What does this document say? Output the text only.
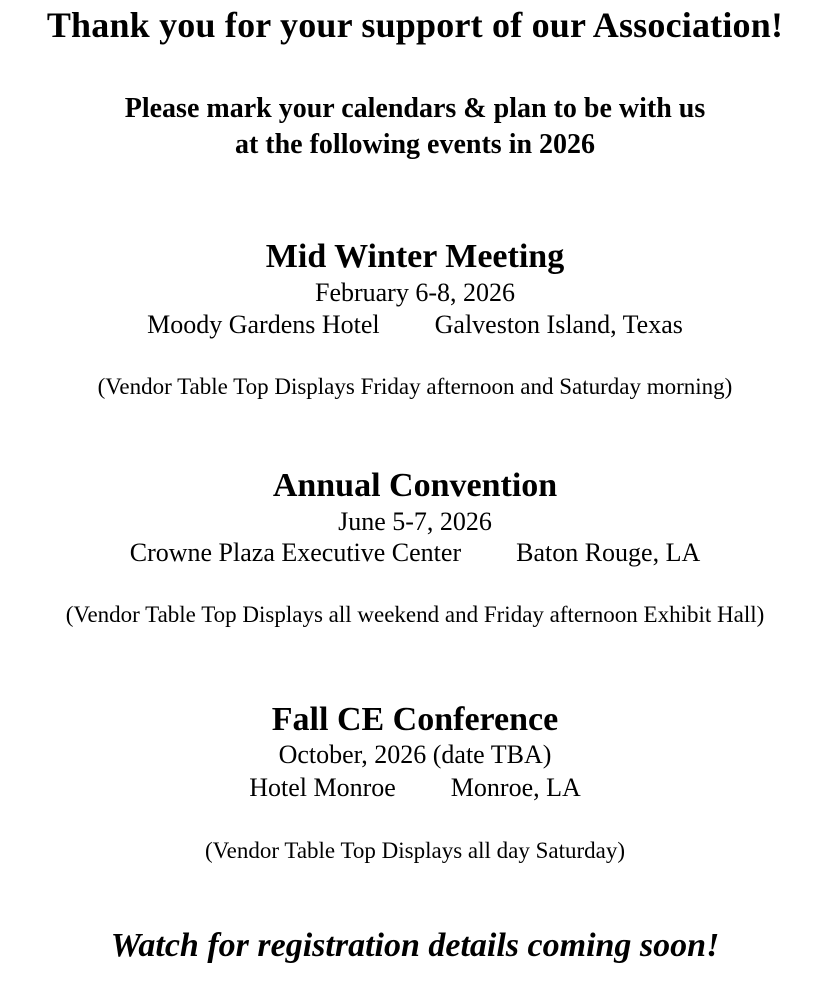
Thank you for your support of our Association!
Please mark your calendars & plan to be with us
at the following events in 2026
Mid Winter Meeting
February 6-8, 2026
Moody Gardens Hotel Galveston Island, Texas
(Vendor Table Top Displays Friday afternoon and Saturday morning)
Annual Convention
June 5-7, 2026
Crowne Plaza Executive Center Baton Rouge, LA
(Vendor Table Top Displays all weekend and Friday afternoon Exhibit Hall)
Fall CE Conference
October, 2026 (date TBA)
Hotel Monroe Monroe, LA
(Vendor Table Top Displays all day Saturday)
Watch for registration details coming soon!
